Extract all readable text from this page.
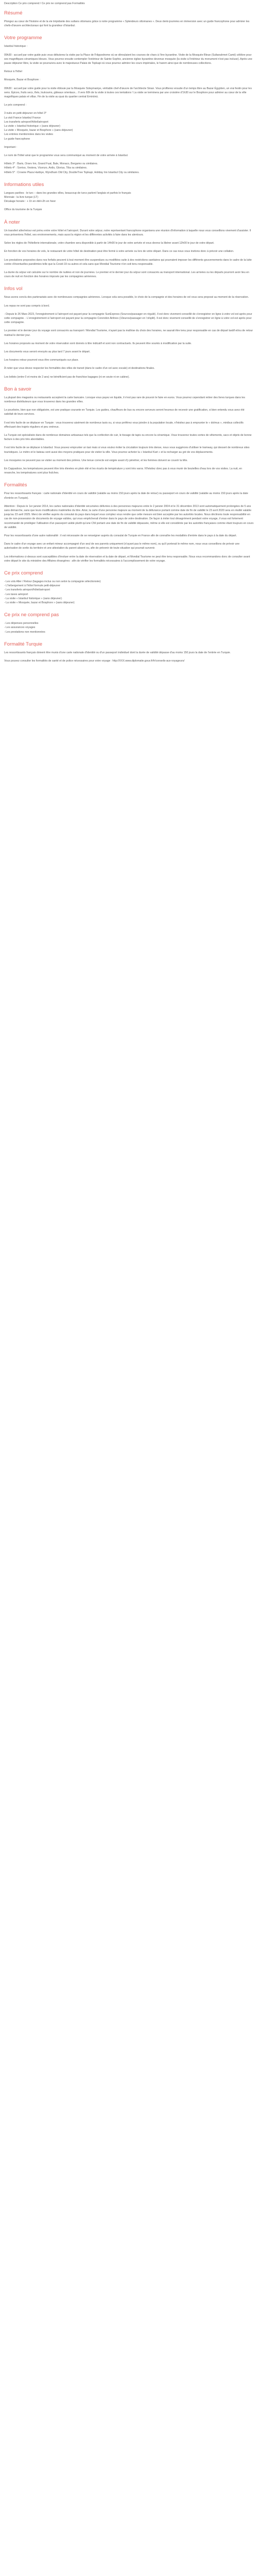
Description Ce prix comprend / Ce prix ne comprend pas Formalités
Résumé

Plongez au cœur de l'histoire et de la vie trépidante des sultans ottomans grâce à notre programme « Splendeurs ottomanes ». Deux demi-journées en immersion avec un guide francophone pour admirer les chefs-d'œuvre architecturaux qui font la grandeur d'Istanbul.

Votre programme
Istanbul historique :

09h30 : accueil par votre guide puis vous débuterez la visite par la Place de l'Hippodrome où se déroulaient les courses de chars à l'ère byzantine. Visite de la Mosquée Bleue (Sultanahmet Camii) célèbre pour ses magnifiques céramiques bleues. Vous pourrez ensuite contempler l'extérieur de Sainte-Sophie, ancienne église byzantine devenue mosquée (la visite à l'intérieur du monument n'est pas incluse). Après une pause déjeuner libre, la visite se poursuivra avec le majestueux Palais de Topkapi où vous pourrez admirer les cours impériales, le harem ainsi que de nombreuses collections.

Retour à l'hôtel

Mosquée, Bazar et Bosphore :

09h30 : accueil par votre guide pour la visite éblouie par la Mosquée Süleymaniye, véritable chef-d'œuvre de l'architecte Sinan. Vous profiterez ensuite d'un temps libre au Bazar Égyptien, un vrai festin pour les sens. Épices, fruits secs, thés, loukoums, gâteaux orientaux... Il vers 60h de la visite à toutes ces tentations ! La visite se terminera par une croisière d'1h30 sur le Bosphore pour admirer au cœur de la ville magnifiques palais et villas. Fin de la visite au quai du quartier central Eminönü.

Le prix comprend :

3 nuits en petit-déjeuner en hôtel 3*
La visit France Istanbul France
Les transferts aéroport/hôtel/aéroport
La visite « Istanbul historique » (sans déjeuner)
La visite « Mosquée, bazar et Bosphore » (sans déjeuner)
Les entrées mentionnées dans les visites
Le guide francophone

Important :

Le nom de l'hôtel ainsi que le programme vous sera communiqué au moment de votre arrivée à Istanbul.

Hôtels 3* : Baris, Orsev Inn, Grand Fuat, Bale, Monaco, Bergamo ou similaires.
Hôtels 4* : Sorriso, Vestera, Vicenzo, Ardis, Glorius, Tilia ou similaires.
Hôtels 5* : Crowne Plaza Harbiye, Wyndham Old City, DoubleTree Topkapi, Holiday Inn Istanbul City ou similaires.
Informations utiles
Langues parlées : le turc – dans les grandes villes, beaucoup de turcs parlent l'anglais et parfois le français
Monnaie : la livre turque (LT)
Décalage horaire : + 1h en été/+2h en hiver

Office du tourisme de la Turquie

À noter

Un transfert aller/retour est prévu entre votre hôtel et l'aéroport. Durant votre séjour, notre représentant francophone organisera une réunion d'information à laquelle nous vous conseillons vivement d'assister. Il vous présentera l'hôtel, ses environnements, mais aussi la région et les différentes activités à faire dans les alentours.

Selon les règles de l'hôtellerie internationale, votre chambre sera disponible à partir de 14h00 le jour de votre arrivée et vous devrez la libérer avant 12h00 le jour de votre départ.

En fonction de vos horaires de vols, le restaurant de votre hôtel de destination peut être fermé à votre arrivée ou lors de votre départ. Dans ce cas nous vous invitons donc à prévoir une collation.

Les prestations proposées dans nos forfaits peuvent à tout moment être suspendues ou modifiées suite à des restrictions sanitaires qui pourraient imposer les différents gouvernements dans le cadre de la lutte contre d'éventuelles pandémies telle que la Covid-19 ou autres et cela sans que Mondial Tourisme n'en soit tenu responsable.

La durée du séjour est calculée sur le nombre de nuitées et non de journées. Le premier et le dernier jour du séjour sont consacrés au transport international. Les arrivées ou les départs pourront avoir lieu en cours de nuit en fonction des horaires imposés par les compagnies aériennes.

Infos vol

Nous avons conclu des partenariats avec de nombreuses compagnies aériennes. Lorsque cela sera possible, le choix de la compagnie et des horaires de vol vous sera proposé au moment de la réservation.

Les repas ne sont pas compris à bord.

- Depuis le 26 Mars 2023, l'enregistrement à l'aéroport est payant pour la compagnie SunExpress (Sources/passager en régulé). Il est donc vivement conseillé de s'enregistrer en ligne à votre vol est après pour cette compagnie. - L'enregistrement à l'aéroport est payant pour la compagnie Corendon Airlines (10euros/passager en 'ct/split). Il est donc vivement conseillé de s'enregistrer en ligne à votre vol est après pour cette compagnie.

Le premier et le dernier jour du voyage sont consacrés au transport / Mondial Tourisme, n'ayant pas la maîtrise du choix des horaires, ne saurait être tenu pour responsable en cas de départ tardif et/ou de retour matinal le dernier jour.

Les horaires proposés au moment de votre réservation sont donnés à titre indicatif et sont non contractuels. Ils peuvent être soumis à modification par la suite.

Les documents vous seront envoyés au plus tard 7 jours avant le départ.

Les horaires retour pourront vous être communiqués sur place.

À noter que vous devez respecter les formalités des villes de transit (dans le cadre d'un vol avec escale) et destinations finales.

Les bébés (entre 0 et moins de 2 ans) ne bénéficient pas de franchise bagages (ni en soute ni en cabine).

Bon à savoir

La plupart des magasins ou restaurants acceptent la carte bancaire. Lorsque vous payez en liquide, il n'est pas rare de pouvoir le faire en euros. Vous pourrez cependant retirer des livres turques dans les nombreux distributeurs que vous trouverez dans les grandes villes.

Le pourboire, bien que non obligatoire, est une pratique courante en Turquie. Les guides, chauffeurs de bus ou encore serveurs seront heureux de recevoir une gratification, si bien entendu vous avez été satisfait de leurs services.

Il est très facile de se déplacer en Turquie : vous trouverez aisément de nombreux taxis ou, si vous préférez vous joindre à la population locale, n'hésitez pas à emprunter le « dolmus », minibus collectifs effectuant des trajets réguliers et peu onéreux.

La Turquie est spécialisée dans de nombreux domaines artisanaux tels que la confection de cuir, le tissage de tapis ou encore la céramique. Vous trouverez toutes sortes de vêtements, sacs et objets de bonne facture à des prix très abordables.

Il est très facile de se déplacer à Istanbul. Vous pouvez emprunter un taxi mais si vous voulez éviter la circulation toujours très dense, nous vous suggérons d'utiliser le tramway, qui dessert de nombreux sites touristiques. Le métro et le bateau sont aussi des moyens pratiques pour de visiter la ville. Vous pourrez acheter la « Istanbul Kart » et la recharger au gré de vos déplacements.

Les mosquées ne peuvent pas se visiter au moment des prières. Une tenue correcte est exigée avant d'y pénétrer, et les femmes doivent se couvrir la tête.

En Cappadoce, les températures peuvent être très élevées en plein été et les écarts de température y sont très varos. N'hésitez donc pas à vous munir de bouteilles d'eau lors de vos visites. La nuit, en revanche, les températures sont plus fraîches.

Formalités

Pour les ressortissants français : carte nationale d'identité en cours de validité (valable au moins 150 jours après la date de retour) ou passeport en cours de validité (valable au moins 150 jours après la date d'entrée en Turquie).

Attention : Depuis le 1er janvier 2014, les cartes nationales d'identité sécurisées délivrées à des personnes majeures entre le 2 janvier 2004 et le 31 décembre 2013 sont automatiquement prolongées de 5 ans sans démarche, sans que leurs modifications matérielles du titre. Ainsi, la carte d'une personne majeure au moment de la délivrance portant comme date de fin de validité le 23 avril 2020 sera en réalité valable jusqu'au 23 avril 2025. Merci de vérifier auprès du consulat du pays dans lequel vous comptez vous rendre que cette mesure est bien acceptée par les autorités locales. Nous déclinons toute responsabilité en cas de non-possession de documents de voyage valides, qui vous empêcherait d'entrer dans le pays de votre destination. De façon à éviter tout désagrément pendant votre voyage, il vous est fortement recommandé de privilégier l'utilisation d'un passeport valide plutôt qu'une CNI portant une date de fin de validité dépassée, même si elle est considérée par les autorités françaises comme étant toujours en cours de validité.

Pour les ressortissants d'une autre nationalité : il est nécessaire de se renseigner auprès du consulat de Turquie en France afin de connaître les modalités d'entrée dans le pays à la date du départ.

Dans le cadre d'un voyage avec un enfant mineur accompagné d'un seul de ses parents uniquement (n'ayant pas le même nom), ou qu'il porterait le même nom, nous vous conseillons de prévoir une autorisation de sortie du territoire et une attestation du parent absent ou, afin de prévenir de toute situation qui pourrait survenir.

Les informations ci-dessus sont susceptibles d'évoluer entre la date de réservation et la date de départ, et Mondial Tourisme ne peut être tenu responsable. Nous vous recommandons donc de consulter avant votre départ le site du ministère des Affaires étrangères : afin de vérifier les formalités nécessaires à l'accomplissement de votre voyage.

Ce prix comprend
- Les vols Aller / Retour (bagages inclus ou non selon la compagnie sélectionnée)
- L'hébergement à l'hôtel formule petit-déjeuner
- Les transferts aéroport/hôtel/aéroport
- Les taxes aéroport
- La visite « Istanbul historique » (sans déjeuner)
- La visite « Mosquée, bazar et Bosphore » (sans déjeuner)
Ce prix ne comprend pas
- Les dépenses personnelles
- Les assurances voyages
- Les prestations non mentionnées
Formalité Turquie

Les ressortissants français doivent être munis d'une carte nationale d'identité ou d'un passeport individuel dont la durée de validité dépasse d'au moins 150 jours la date de l'entrée en Turquie.

Vous pouvez consulter les formalités de santé et de police nécessaires pour votre voyage : http://XXX.www.diplomatie.gouv.fr/fr/conseils-aux-voyageurs/
